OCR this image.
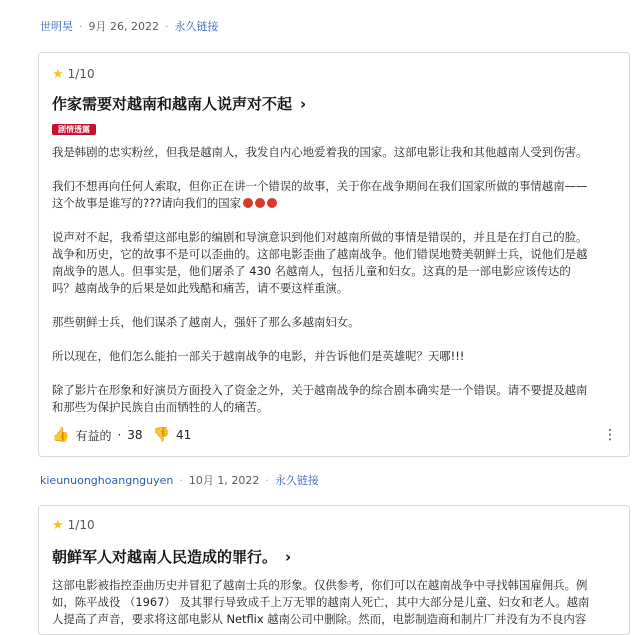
世明昊 · 9月 26, 2022 · 永久链接
★ 1/10
作家需要对越南和越南人说声对不起 ›
剧情透露

我是韩剧的忠实粉丝，但我是越南人，我发自内心地爱着我的国家。这部电影让我和其他越南人受到伤害。

我们不想再向任何人索取，但你正在讲一个错误的故事，关于你在战争期间在我们国家所做的事情越南——
这个故事是谁写的???请向我们的国家

说声对不起，我希望这部电影的编剧和导演意识到他们对越南所做的事情是错误的，并且是在打自己的脸。
战争和历史，它的故事不是可以歪曲的。这部电影歪曲了越南战争。他们错误地赞美朝鲜士兵，说他们是越
南战争的恩人。但事实是，他们屠杀了 430 名越南人，包括儿童和妇女。这真的是一部电影应该传达的
吗？越南战争的后果是如此残酷和痛苦，请不要这样重演。

那些朝鲜士兵，他们谋杀了越南人，强奸了那么多越南妇女。

所以现在，他们怎么能拍一部关于越南战争的电影，并告诉他们是英雄呢？天哪!!!

除了影片在形象和好演员方面投入了资金之外，关于越南战争的综合剧本确实是一个错误。请不要提及越南
和那些为保护民族自由而牺牲的人的痛苦。

👍 有益的 · 38 👎 41	⋮
kieunuonghoangnguyen · 10月 1, 2022 · 永久链接
★ 1/10
朝鲜军人对越南人民造成的罪行。 ›

这部电影被指控歪曲历史并冒犯了越南士兵的形象。仅供参考，你们可以在越南战争中寻找韩国雇佣兵。例
如，陈平战役 （1967） 及其罪行导致成千上万无罪的越南人死亡，其中大部分是儿童、妇女和老人。越南
人提高了声音，要求将这部电影从 Netflix 越南公司中删除。然而，电影制造商和制片厂并没有为不良内容
